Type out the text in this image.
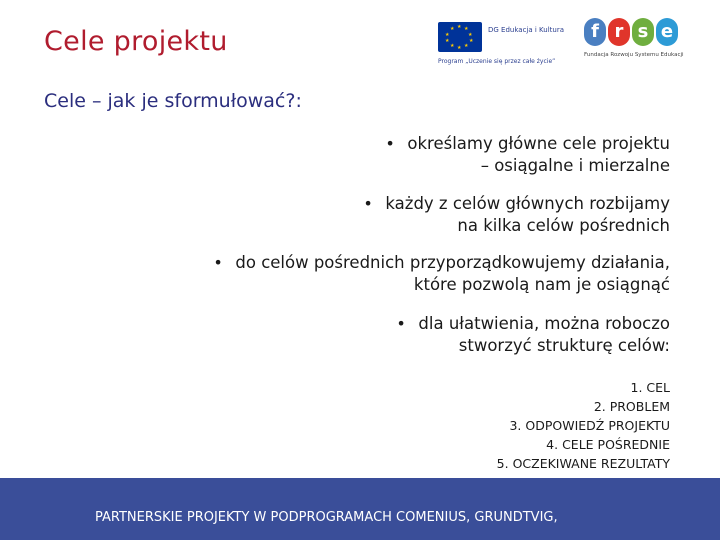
Cele projektu	★ ★
★
★
★
★
★
★
★
★	DG Edukacja i Kultura
Program „Uczenie się przez całe życie”
f r s e
Fundacja Rozwoju Systemu Edukacji
Cele – jak je sformułować?:
• określamy główne cele projektu
– osiągalne i mierzalne
• każdy z celów głównych rozbijamy
na kilka celów pośrednich
• do celów pośrednich przyporządkowujemy działania,
które pozwolą nam je osiągnąć
• dla ułatwienia, można roboczo
stworzyć strukturę celów:
1. CEL
2. PROBLEM
3. ODPOWIEDŹ PROJEKTU
4. CELE POŚREDNIE
5. OCZEKIWANE REZULTATY
PARTNERSKIE PROJEKTY W PODPROGRAMACH COMENIUS, GRUNDTVIG,
